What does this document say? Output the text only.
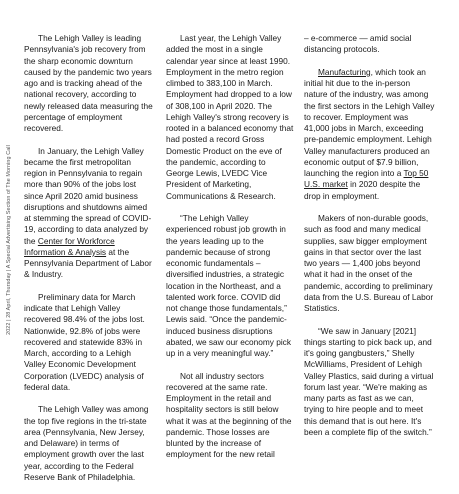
2022 | 28 April, Thursday | A Special Advertising Section of The Morning Call

The Lehigh Valley is leading Pennsylvania's job recovery from the sharp economic downturn caused by the pandemic two years ago and is tracking ahead of the national recovery, according to newly released data measuring the percentage of employment recovered.

In January, the Lehigh Valley became the first metropolitan region in Pennsylvania to regain more than 90% of the jobs lost since April 2020 amid business disruptions and shutdowns aimed at stemming the spread of COVID-19, according to data analyzed by the Center for Workforce Information & Analysis at the Pennsylvania Department of Labor & Industry.

Preliminary data for March indicate that Lehigh Valley recovered 98.4% of the jobs lost. Nationwide, 92.8% of jobs were recovered and statewide 83% in March, according to a Lehigh Valley Economic Development Corporation (LVEDC) analysis of federal data.

The Lehigh Valley was among the top five regions in the tri-state area (Pennsylvania, New Jersey, and Delaware) in terms of employment growth over the last year, according to the Federal Reserve Bank of Philadelphia.

Last year, the Lehigh Valley added the most in a single calendar year since at least 1990. Employment in the metro region climbed to 383,100 in March. Employment had dropped to a low of 308,100 in April 2020. The Lehigh Valley's strong recovery is rooted in a balanced economy that had posted a record Gross Domestic Product on the eve of the pandemic, according to George Lewis, LVEDC Vice President of Marketing, Communications & Research.

“The Lehigh Valley experienced robust job growth in the years leading up to the pandemic because of strong economic fundamentals – diversified industries, a strategic location in the Northeast, and a talented work force. COVID did not change those fundamentals,” Lewis said. “Once the pandemic-induced business disruptions abated, we saw our economy pick up in a very meaningful way.”

Not all industry sectors recovered at the same rate. Employment in the retail and hospitality sectors is still below what it was at the beginning of the pandemic. Those losses are blunted by the increase of employment for the new retail

– e-commerce — amid social distancing protocols.

Manufacturing, which took an initial hit due to the in-person nature of the industry, was among the first sectors in the Lehigh Valley to recover. Employment was 41,000 jobs in March, exceeding pre-pandemic employment. Lehigh Valley manufacturers produced an economic output of $7.9 billion, launching the region into a Top 50 U.S. market in 2020 despite the drop in employment.

Makers of non-durable goods, such as food and many medical supplies, saw bigger employment gains in that sector over the last two years — 1,400 jobs beyond what it had in the onset of the pandemic, according to preliminary data from the U.S. Bureau of Labor Statistics.

“We saw in January [2021] things starting to pick back up, and it's going gangbusters,” Shelly McWilliams, President of Lehigh Valley Plastics, said during a virtual forum last year. “We're making as many parts as fast as we can, trying to hire people and to meet this demand that is out here. It's been a complete flip of the switch.”
